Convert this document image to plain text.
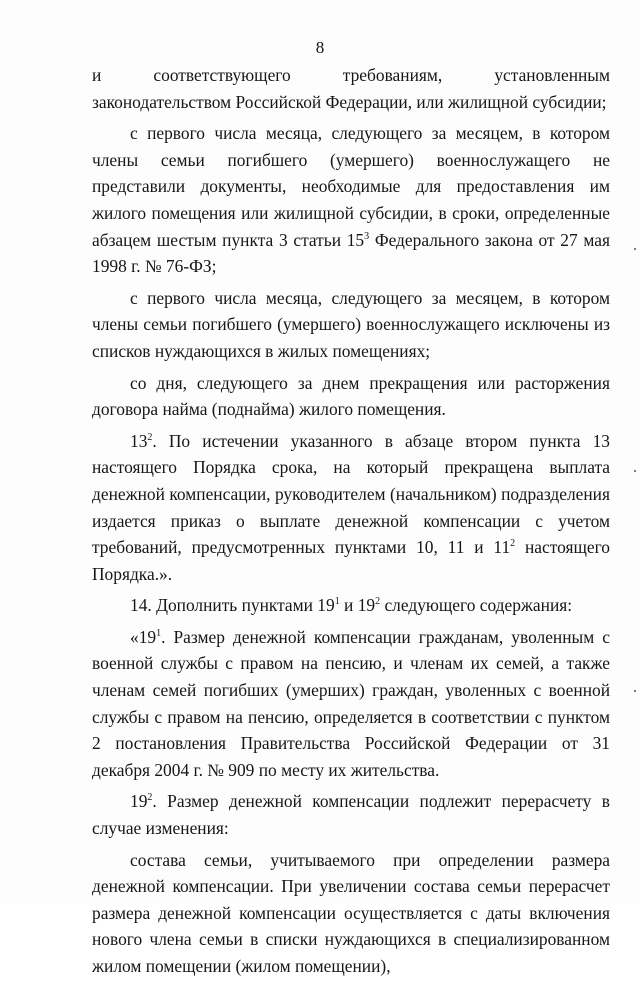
8

и соответствующего требованиям, установленным законодательством Российской Федерации, или жилищной субсидии;

с первого числа месяца, следующего за месяцем, в котором члены семьи погибшего (умершего) военнослужащего не представили документы, необходимые для предоставления им жилого помещения или жилищной субсидии, в сроки, определенные абзацем шестым пункта 3 статьи $15^3$ Федерального закона от 27 мая 1998 г. № 76-ФЗ;

с первого числа месяца, следующего за месяцем, в котором члены семьи погибшего (умершего) военнослужащего исключены из списков нуждающихся в жилых помещениях;

со дня, следующего за днем прекращения или расторжения договора найма (поднайма) жилого помещения.

$13^2$. По истечении указанного в абзаце втором пункта 13 настоящего Порядка срока, на который прекращена выплата денежной компенсации, руководителем (начальником) подразделения издается приказ о выплате денежной компенсации с учетом требований, предусмотренных пунктами 10, 11 и $11^2$ настоящего Порядка.».

14. Дополнить пунктами $19^1$ и $19^2$ следующего содержания:

«$19^1$. Размер денежной компенсации гражданам, уволенным с военной службы с правом на пенсию, и членам их семей, а также членам семей погибших (умерших) граждан, уволенных с военной службы с правом на пенсию, определяется в соответствии с пунктом 2 постановления Правительства Российской Федерации от 31 декабря 2004 г. № 909 по месту их жительства.

$19^2$. Размер денежной компенсации подлежит перерасчету в случае изменения:

состава семьи, учитываемого при определении размера денежной компенсации. При увеличении состава семьи перерасчет размера денежной компенсации осуществляется с даты включения нового члена семьи в списки нуждающихся в специализированном жилом помещении (жилом помещении),
